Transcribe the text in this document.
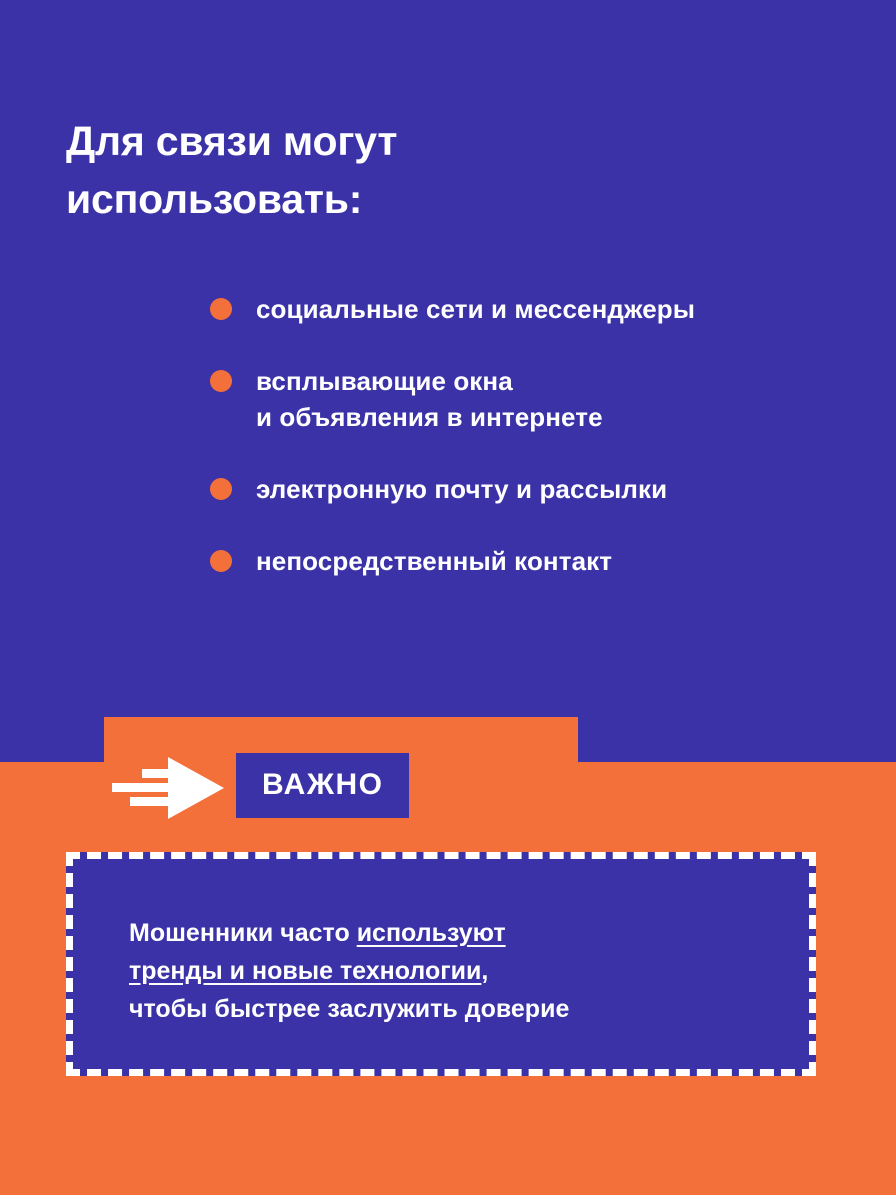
Для связи могут
использовать:
социальные сети и мессенджеры
всплывающие окна
и объявления в интернете
электронную почту и рассылки
непосредственный контакт
ВАЖНО
Мошенники часто используют
тренды и новые технологии,
чтобы быстрее заслужить доверие
